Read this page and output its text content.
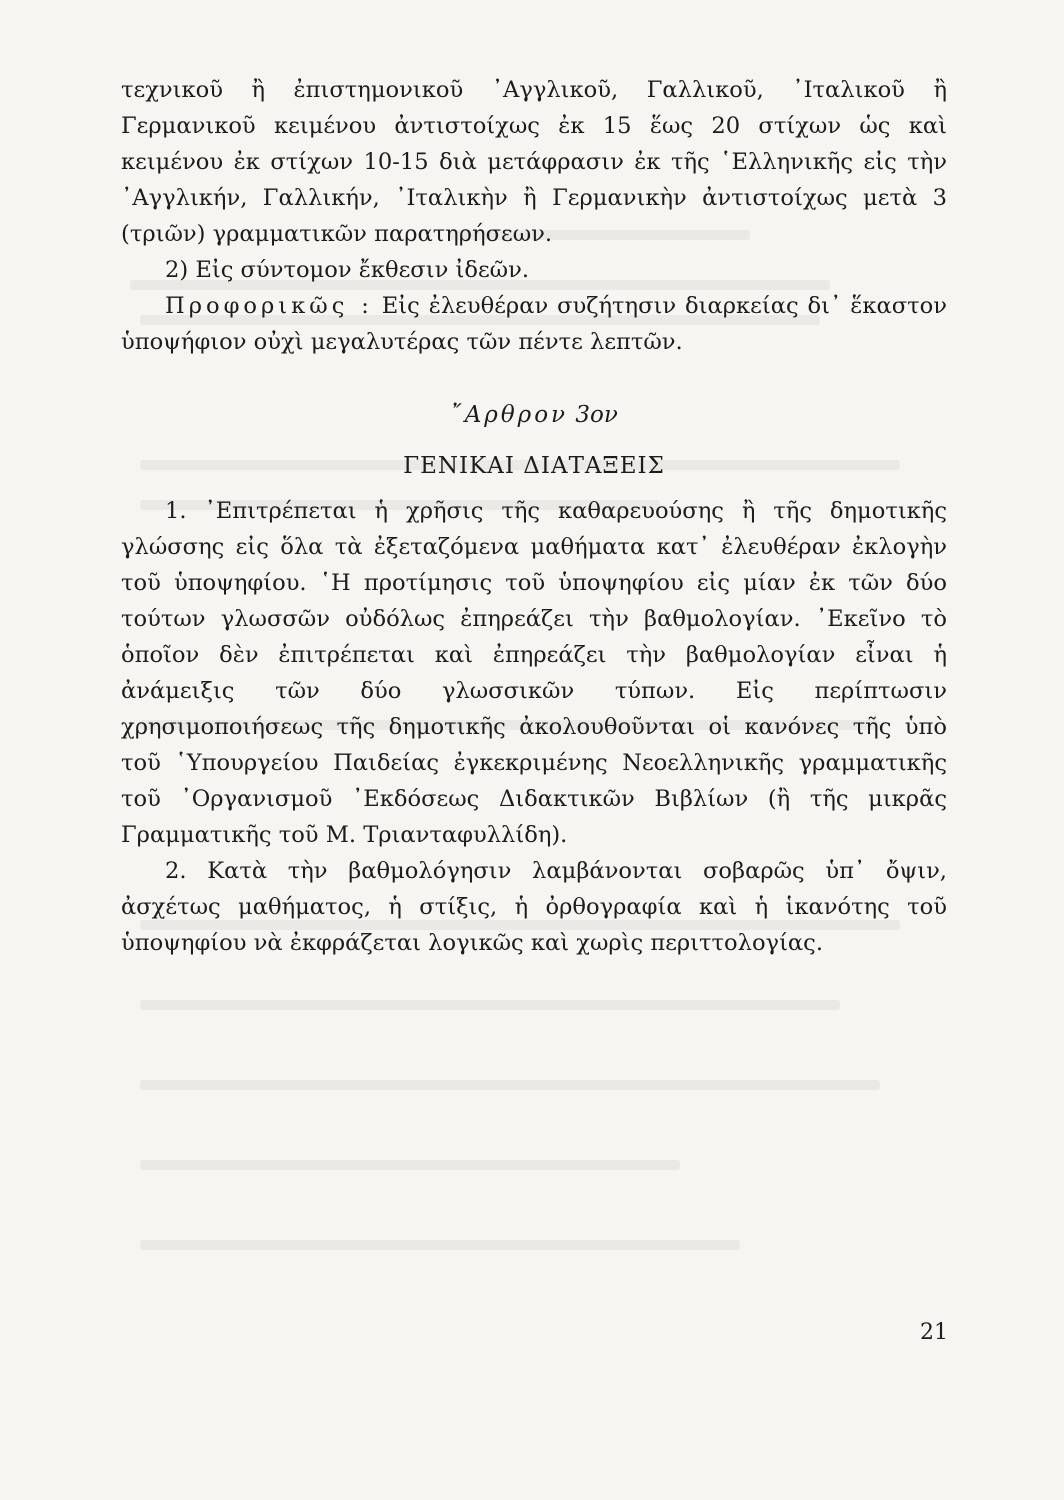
τεχνικοῦ ἢ ἐπιστημονικοῦ ᾿Αγγλικοῦ, Γαλλικοῦ, ᾿Ιταλικοῦ ἢ Γερμανικοῦ κειμένου ἀντιστοίχως ἐκ 15 ἕως 20 στίχων ὡς καὶ κειμένου ἐκ στίχων 10-15 διὰ μετάφρασιν ἐκ τῆς ῾Ελληνικῆς εἰς τὴν ᾿Αγγλικήν, Γαλλικήν, ᾿Ιταλικὴν ἢ Γερμανικὴν ἀντιστοίχως μετὰ 3 (τριῶν) γραμματικῶν παρατηρήσεων.

2) Εἰς σύντομον ἔκθεσιν ἰδεῶν.

Προφορικῶς : Εἰς ἐλευθέραν συζήτησιν διαρκείας δι᾿ ἕκαστον ὑποψήφιον οὐχὶ μεγαλυτέρας τῶν πέντε λεπτῶν.

῎Αρθρον 3ον
ΓΕΝΙΚΑΙ ΔΙΑΤΑΞΕΙΣ

1. ᾿Επιτρέπεται ἡ χρῆσις τῆς καθαρευούσης ἢ τῆς δημοτικῆς γλώσσης εἰς ὅλα τὰ ἐξεταζόμενα μαθήματα κατ᾿ ἐλευθέραν ἐκλογὴν τοῦ ὑποψηφίου. ῾Η προτίμησις τοῦ ὑποψηφίου εἰς μίαν ἐκ τῶν δύο τούτων γλωσσῶν οὐδόλως ἐπηρεάζει τὴν βαθμολογίαν. ᾿Εκεῖνο τὸ ὁποῖον δὲν ἐπιτρέπεται καὶ ἐπηρεάζει τὴν βαθμολογίαν εἶναι ἡ ἀνάμειξις τῶν δύο γλωσσικῶν τύπων. Εἰς περίπτωσιν χρησιμοποιήσεως τῆς δημοτικῆς ἀκολουθοῦνται οἱ κανόνες τῆς ὑπὸ τοῦ ῾Υπουργείου Παιδείας ἐγκεκριμένης Νεοελληνικῆς γραμματικῆς τοῦ ᾿Οργανισμοῦ ᾿Εκδόσεως Διδακτικῶν Βιβλίων (ἢ τῆς μικρᾶς Γραμματικῆς τοῦ Μ. Τριανταφυλλίδη).

2. Κατὰ τὴν βαθμολόγησιν λαμβάνονται σοβαρῶς ὑπ᾿ ὄψιν, ἀσχέτως μαθήματος, ἡ στίξις, ἡ ὀρθογραφία καὶ ἡ ἱκανότης τοῦ ὑποψηφίου νὰ ἐκφράζεται λογικῶς καὶ χωρὶς περιττολογίας.

21
